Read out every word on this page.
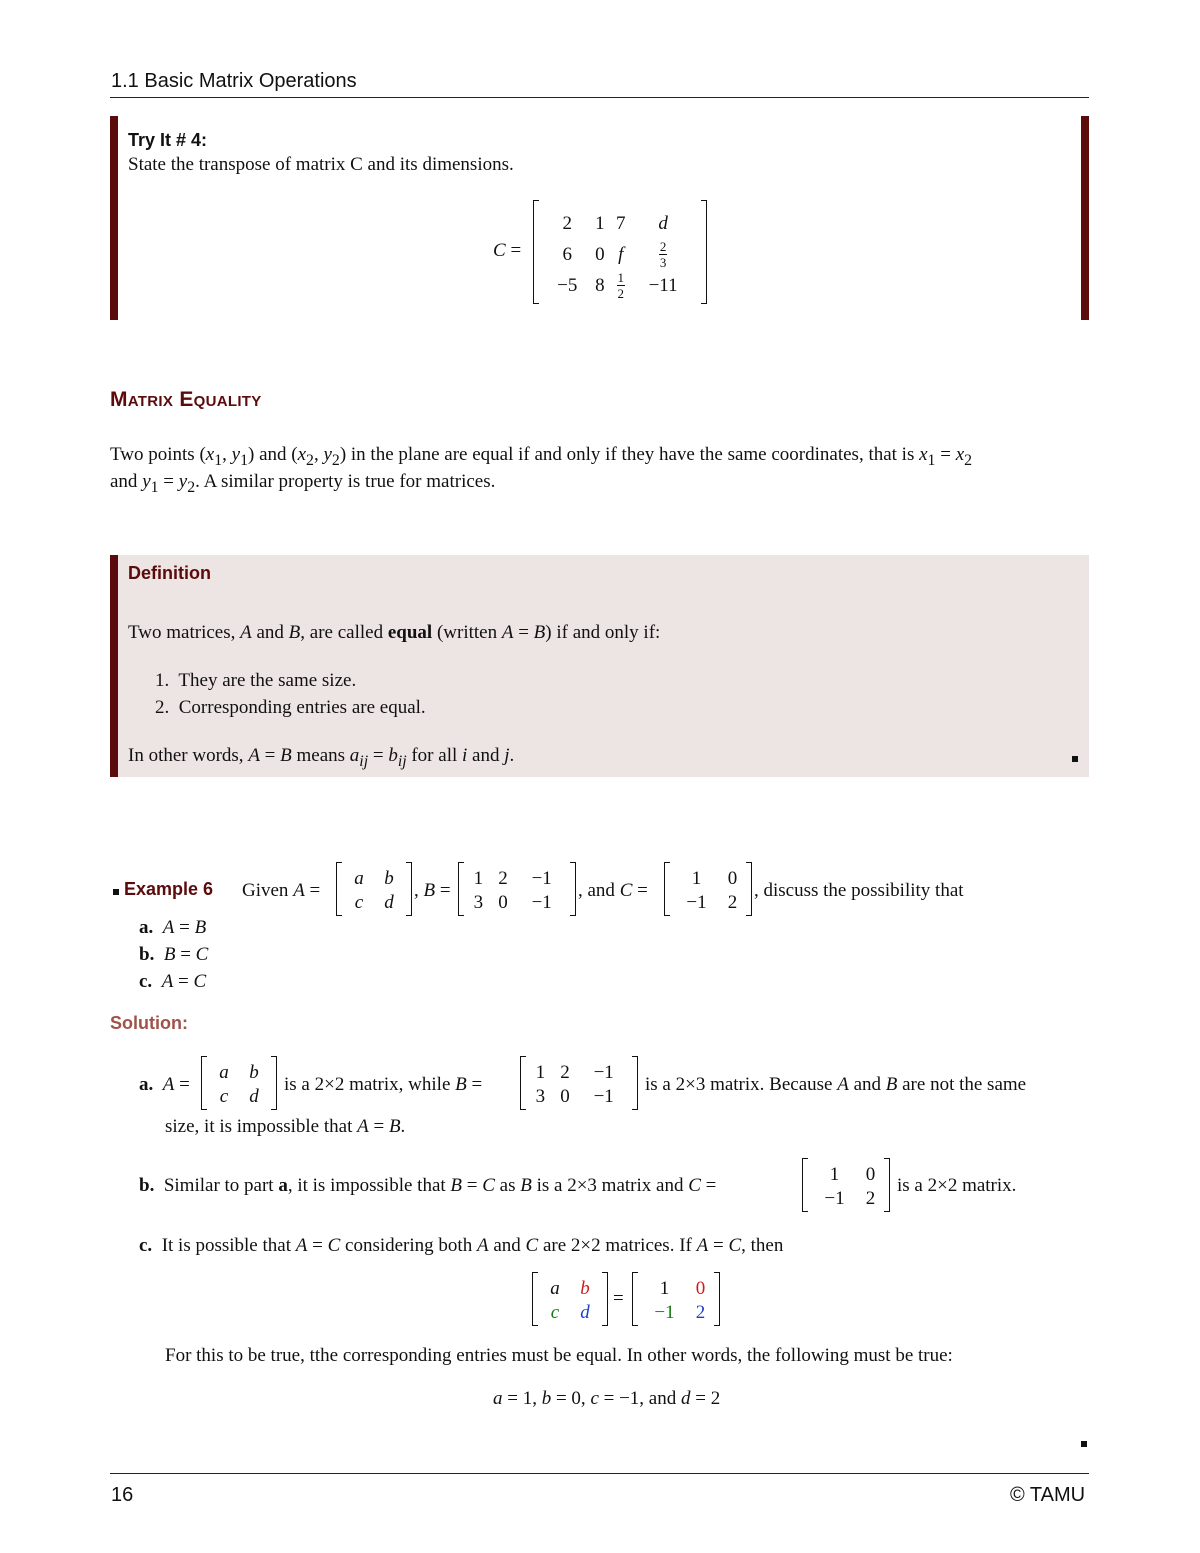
1.1 Basic Matrix Operations
Try It # 4:
State the transpose of matrix C and its dimensions.
C =
2	1	7	d
6	0	f	$\frac{2}{3}$

−5	8	$\frac{1}{2}$	−11
Matrix Equality
Two points ($x_1$, $y_1$) and ($x_2$, $y_2$) in the plane are equal if and only if they have the same coordinates, that is $x_1 = x_2$
and $y_1 = y_2$. A similar property is true for matrices.
Definition
Two matrices, A and B, are called equal (written A = B) if and only if:
1.  They are the same size.
2.  Corresponding entries are equal.
In other words, A = B means $a_{ij} = b_{ij}$ for all i and j.
Example 6 Given A =
a	b
c	d
, B =
1	2	−1
3	0	−1
, and C =
1	0
−1	2
, discuss the possibility that
a. A = B
b. B = C
c. A = C
Solution:
a. A =
a	b
c	d
is a 2×2 matrix, while B =
1	2	−1
3	0	−1
is a 2×3 matrix. Because A and B are not the same
size, it is impossible that A = B.
b.  Similar to part a, it is impossible that B = C as B is a 2×3 matrix and C =
1	0
−1	2
is a 2×2 matrix.
c.  It is possible that A = C considering both A and C are 2×2 matrices. If A = C, then
a	b
c	d
= 1	0
−1	2
For this to be true, tthe corresponding entries must be equal. In other words, the following must be true:
a = 1, b = 0, c = −1, and d = 2
16	© TAMU
